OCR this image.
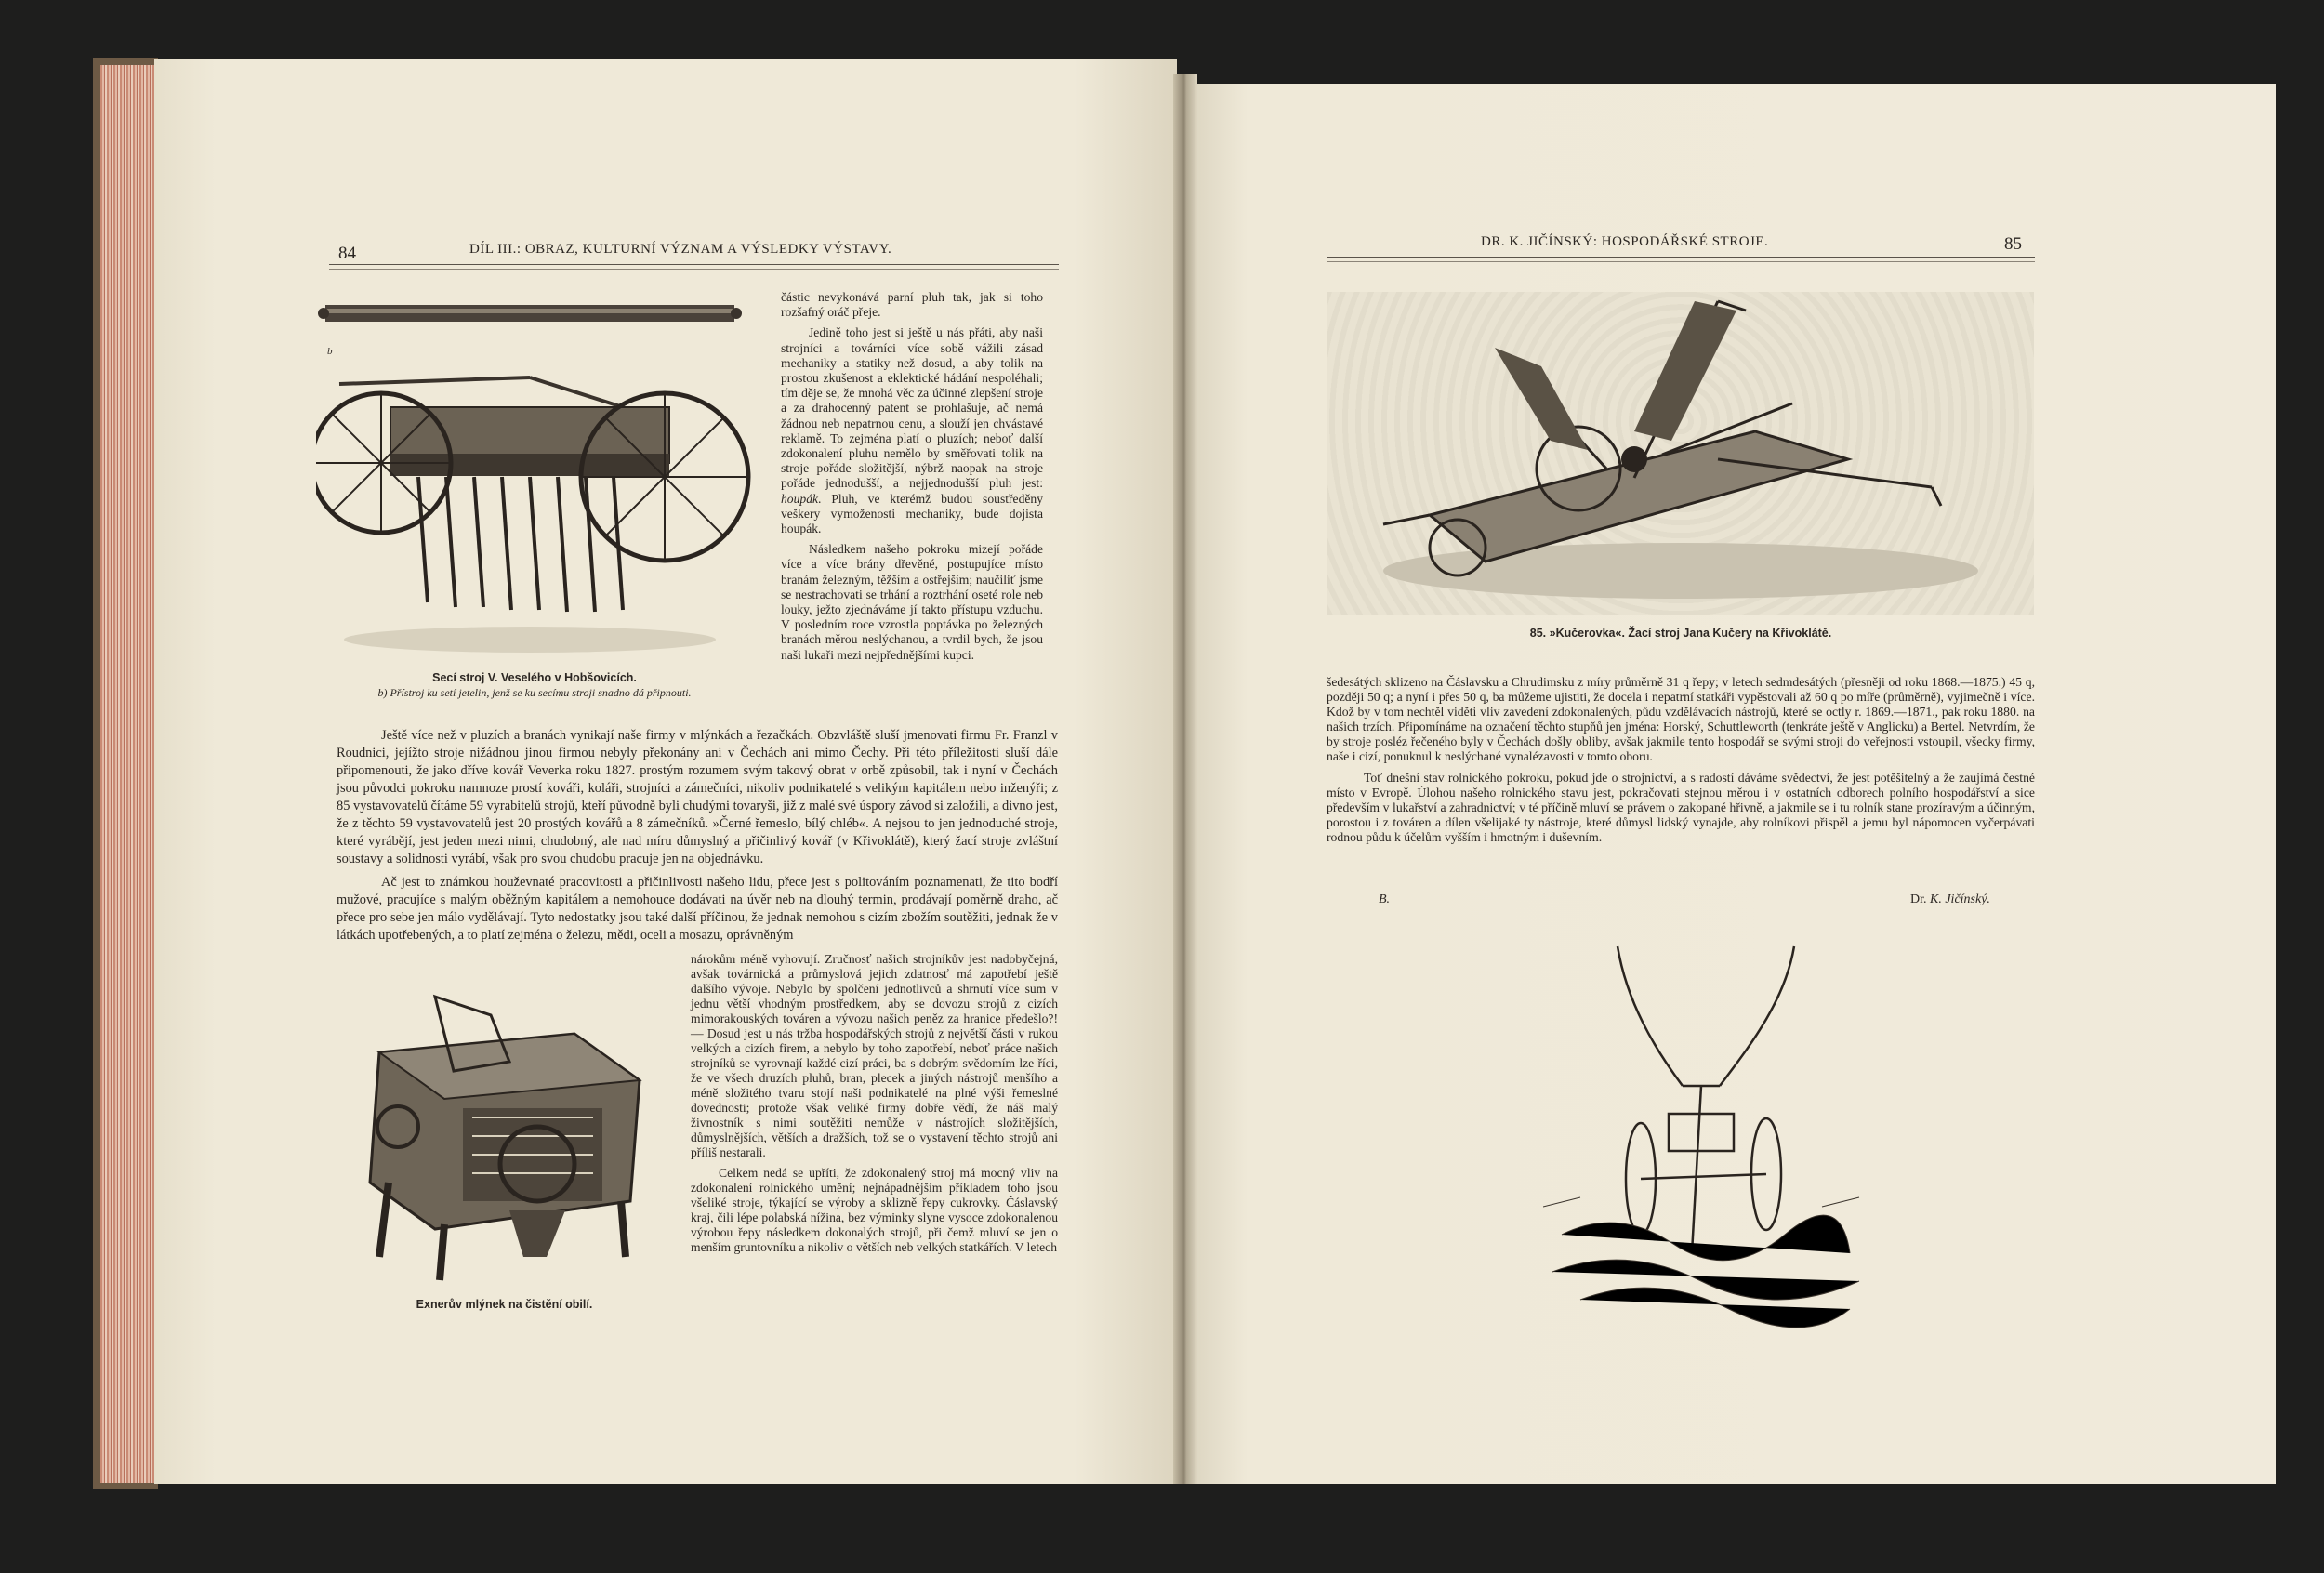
84	DÍL III.: OBRAZ, KULTURNÍ VÝZNAM A VÝSLEDKY VÝSTAVY.
b
Secí stroj V. Veselého v Hobšovicích.
b) Přístroj ku setí jetelin, jenž se ku secímu stroji snadno dá připnouti.

částic nevykonává parní pluh tak, jak si toho rozšafný oráč přeje.

Jedině toho jest si ještě u nás přáti, aby naši strojníci a továrníci více sobě vážili zásad mechaniky a statiky než dosud, a aby tolik na prostou zkušenost a eklektické hádání nespoléhali; tím děje se, že mnohá věc za účinné zlepšení stroje a za drahocenný patent se prohlašuje, ač nemá žádnou neb nepatrnou cenu, a slouží jen chvástavé reklamě. To zejména platí o pluzích; neboť další zdokonalení pluhu nemělo by směřovati tolik na stroje pořáde složitější, nýbrž naopak na stroje pořáde jednodušší, a nejjednodušší pluh jest: houpák. Pluh, ve kterémž budou soustředěny veškery vymoženosti mechaniky, bude dojista houpák.

Následkem našeho pokroku mizejí pořáde více a více brány dřevěné, postupujíce místo branám železným, těžším a ostřejším; naučiliť jsme se nestrachovati se trhání a roztrhání oseté role neb louky, ježto zjednáváme jí takto přístupu vzduchu. V posledním roce vzrostla poptávka po železných branách měrou neslýchanou, a tvrdil bych, že jsou naši lukaři mezi nejpřednějšími kupci.

Ještě více než v pluzích a branách vynikají naše firmy v mlýnkách a řezačkách. Obzvláště sluší jmenovati firmu Fr. Franzl v Roudnici, jejížto stroje nižádnou jinou firmou nebyly překonány ani v Čechách ani mimo Čechy. Při této příležitosti sluší dále připomenouti, že jako dříve kovář Veverka roku 1827. prostým rozumem svým takový obrat v orbě způsobil, tak i nyní v Čechách jsou původci pokroku namnoze prostí kováři, koláři, strojníci a zámečníci, nikoliv podnikatelé s velikým kapitálem nebo inženýři; z 85 vystavovatelů čítáme 59 vyrabitelů strojů, kteří původně byli chudými tovaryši, již z malé své úspory závod si založili, a divno jest, že z těchto 59 vystavovatelů jest 20 prostých kovářů a 8 zámečníků. »Černé řemeslo, bílý chléb«. A nejsou to jen jednoduché stroje, které vyrábějí, jest jeden mezi nimi, chudobný, ale nad míru důmyslný a přičinlivý kovář (v Křivoklátě), který žací stroje zvláštní soustavy a solidnosti vyrábí, však pro svou chudobu pracuje jen na objednávku.

Ač jest to známkou houževnaté pracovitosti a přičinlivosti našeho lidu, přece jest s politováním poznamenati, že tito bodří mužové, pracujíce s malým oběžným kapitálem a nemohouce dodávati na úvěr neb na dlouhý termin, prodávají poměrně draho, ač přece pro sebe jen málo vydělávají. Tyto nedostatky jsou také další příčinou, že jednak nemohou s cizím zbožím soutěžiti, jednak že v látkách upotřebených, a to platí zejména o železu, mědi, oceli a mosazu, oprávněným

Exnerův mlýnek na čistění obilí.

nárokům méně vyhovují. Zručnosť našich strojníkův jest nadobyčejná, avšak továrnická a průmyslová jejich zdatnosť má zapotřebí ještě dalšího vývoje. Nebylo by spolčení jednotlivců a shrnutí více sum v jednu větší vhodným prostředkem, aby se dovozu strojů z cizích mimorakouských továren a vývozu našich peněz za hranice předešlo?! — Dosud jest u nás tržba hospodářských strojů z největší části v rukou velkých a cizích firem, a nebylo by toho zapotřebí, neboť práce našich strojníků se vyrovnají každé cizí práci, ba s dobrým svědomím lze říci, že ve všech druzích pluhů, bran, plecek a jiných nástrojů menšího a méně složitého tvaru stojí naši podnikatelé na plné výši řemeslné dovednosti; protože však veliké firmy dobře vědí, že náš malý živnostník s nimi soutěžiti nemůže v nástrojích složitějších, důmyslnějších, větších a dražších, tož se o vystavení těchto strojů ani příliš nestarali.

Celkem nedá se upříti, že zdokonalený stroj má mocný vliv na zdokonalení rolnického umění; nejnápadnějším příkladem toho jsou všeliké stroje, týkající se výroby a sklizně řepy cukrovky. Čáslavský kraj, čili lépe polabská nížina, bez výminky slyne vysoce zdokonalenou výrobou řepy následkem dokonalých strojů, při čemž mluví se jen o menším gruntovníku a nikoliv o větších neb velkých statkářích. V letech

DR. K. JIČÍNSKÝ: HOSPODÁŘSKÉ STROJE.	85
85. »Kučerovka«. Žací stroj Jana Kučery na Křivoklátě.

šedesátých sklizeno na Čáslavsku a Chrudimsku z míry průměrně 31 q řepy; v letech sedmdesátých (přesněji od roku 1868.—1875.) 45 q, později 50 q; a nyní i přes 50 q, ba můžeme ujistiti, že docela i nepatrní statkáři vypěstovali až 60 q po míře (průměrně), vyjimečně i více. Kdož by v tom nechtěl viděti vliv zavedení zdokonalených, půdu vzdělávacích nástrojů, které se octly r. 1869.—1871., pak roku 1880. na našich trzích. Připomínáme na označení těchto stupňů jen jména: Horský, Schuttleworth (tenkráte ještě v Anglicku) a Bertel. Netvrdím, že by stroje posléz řečeného byly v Čechách došly obliby, avšak jakmile tento hospodář se svými stroji do veřejnosti vstoupil, všecky firmy, naše i cizí, ponuknul k neslýchané vynalézavosti v tomto oboru.

Toť dnešní stav rolnického pokroku, pokud jde o strojnictví, a s radostí dáváme svědectví, že jest potěšitelný a že zaujímá čestné místo v Evropě. Úlohou našeho rolnického stavu jest, pokračovati stejnou měrou i v ostatních odborech polního hospodářství a sice především v lukařství a zahradnictví; v té příčině mluví se právem o zakopané hřivně, a jakmile se i tu rolník stane prozíravým a účinným, porostou i z továren a dílen všelijaké ty nástroje, které důmysl lidský vynajde, aby rolníkovi přispěl a jemu byl nápomocen vyčerpávati rodnou půdu k účelům vyšším i hmotným i duševním.

B.	Dr. K. Jičínský.
